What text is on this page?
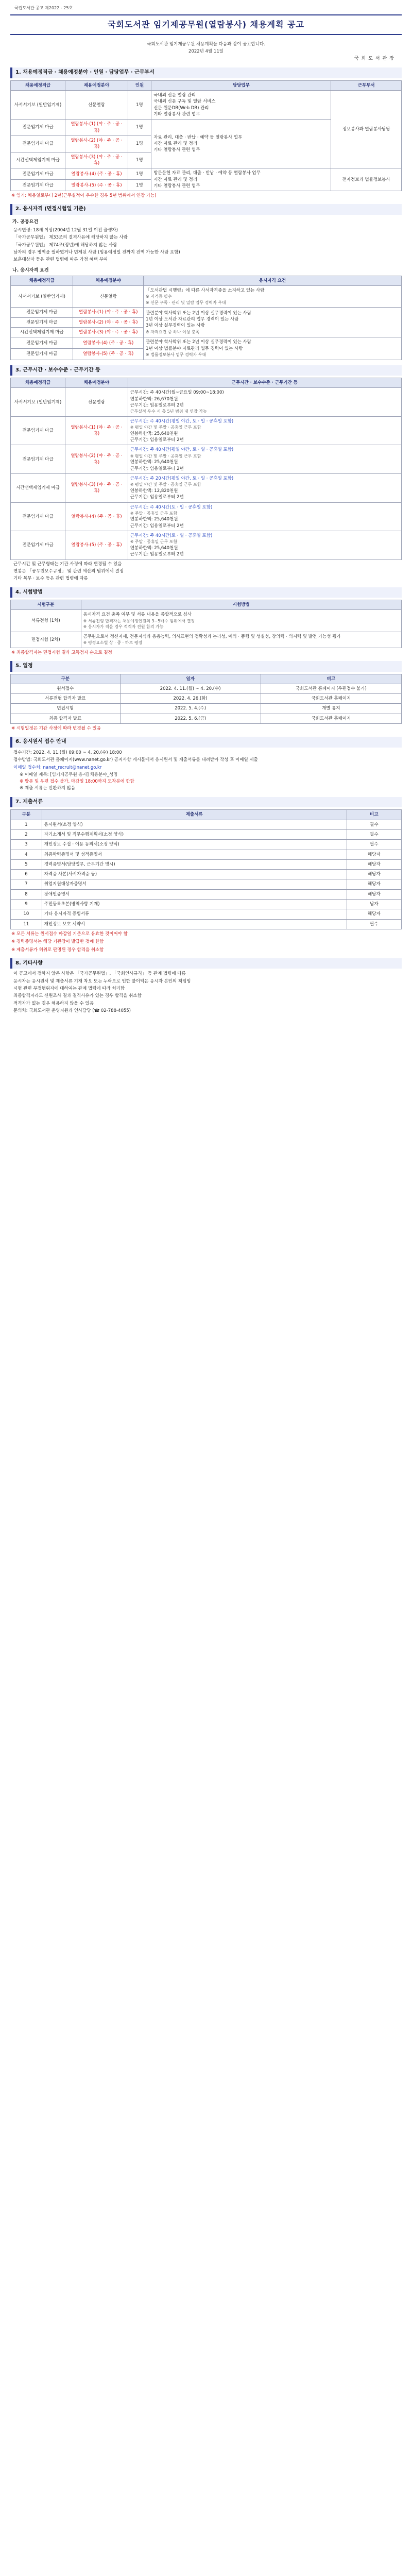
국립도서관 공고 제2022 - 25호
국회도서관 임기제공무원(열람봉사) 채용계획 공고
국회도서관 임기제공무원 채용계획을 다음과 같이 공고합니다.
2022년 4월 11일
국회도서관장
1. 채용예정직급 · 채용예정분야 · 인원 · 담당업무 · 근무부서
채용예정직급	채용예정분야	인원	담당업무	근무부서
사서서기보 (일반임기제)	신문열람	1명	국내외 신문 열람 관리
국내외 신문 구독 및 열람 서비스
신문 원문DB(Web DB) 관리
기타 열람봉사 관련 업무	정보봉사과 열람봉사담당
전문임기제 마급	열람봉사-(1) (야 · 주 · 공 · 휴)	1명	자료 관리, 대출 · 반납 · 예약 등 열람봉사 업무
시간 자료 관리 및 정리
기타 열람봉사 관련 업무	

전문임기제 마급	열람봉사-(2) (야 · 주 · 공 · 휴)	1명		
시간선택제임기제 마급	열람봉사-(3) (야 · 주 · 공 · 휴)	1명		
전문임기제 마급	열람봉사-(4) (주 · 공 · 휴)	1명	방문문헌 자료 관리, 대출 · 반납 · 예약 등 열람봉사 업무
시간 자료 관리 및 정리
기타 열람봉사 관련 업무	전자정보과 법률정보봉사
전문임기제 마급	열람봉사-(5) (주 · 공 · 휴)	1명		
※ 임기: 채용일로부터 2년(근무실적이 우수한 경우 5년 범위에서 연장 가능)
2. 응시자격 (면접시험일 기준)
가. 공통요건
응시연령: 18세 이상(2004년 12월 31일 이전 출생자)
「국가공무원법」 제33조의 결격사유에 해당하지 않는 사람
「국가공무원법」 제74조(정년)에 해당하지 않는 사람
남자의 경우 병역을 필하였거나 면제된 사람 (임용예정일 전까지 전역 가능한 사람 포함)
보훈대상자 등은 관련 법령에 따른 가점 혜택 부여
나. 응시자격 요건
채용예정직급	채용예정분야	응시자격 요건
사서서기보 (일반임기제)	신문열람	「도서관법 시행령」에 따른 사서자격증을 소지하고 있는 사람
※ 자격증 필수
※ 신문 구독 · 관리 및 열람 업무 경력자 우대

전문임기제 마급	열람봉사-(1) (야 · 주 · 공 · 휴)	관련분야 학사학위 또는 2년 이상 실무경력이 있는 사람
1년 이상 도서관 자료관리 업무 경력이 있는 사람
3년 이상 실무경력이 있는 사람
※ 자격요건 중 하나 이상 충족

전문임기제 마급	열람봉사-(2) (야 · 주 · 공 · 휴)	
시간선택제임기제 마급	열람봉사-(3) (야 · 주 · 공 · 휴)	
전문임기제 마급	열람봉사-(4) (주 · 공 · 휴)	관련분야 학사학위 또는 2년 이상 실무경력이 있는 사람
1년 이상 법률분야 자료관리 업무 경력이 있는 사람
※ 법률정보봉사 업무 경력자 우대

전문임기제 마급	열람봉사-(5) (주 · 공 · 휴)	
3. 근무시간 · 보수수준 · 근무기간 등
채용예정직급	채용예정분야	근무시간 · 보수수준 · 근무기간 등
사서서기보 (일반임기제)	신문열람	근무시간: 주 40시간(월~금요일 09:00~18:00)
연봉하한액: 26,670천원
근무기간: 임용일로부터 2년
근무실적 우수 시 총 5년 범위 내 연장 가능

전문임기제 마급	열람봉사-(1) (야 · 주 · 공 · 휴)	근무시간: 주 40시간(평일 야간, 토 · 일 · 공휴일 포함)
※ 평일 야간 및 주말 · 공휴일 근무 포함
연봉하한액: 25,640천원
근무기간: 임용일로부터 2년

전문임기제 마급	열람봉사-(2) (야 · 주 · 공 · 휴)	근무시간: 주 40시간(평일 야간, 토 · 일 · 공휴일 포함)
※ 평일 야간 및 주말 · 공휴일 근무 포함
연봉하한액: 25,640천원
근무기간: 임용일로부터 2년

시간선택제임기제 마급	열람봉사-(3) (야 · 주 · 공 · 휴)	근무시간: 주 20시간(평일 야간, 토 · 일 · 공휴일 포함)
※ 평일 야간 및 주말 · 공휴일 근무 포함
연봉하한액: 12,820천원
근무기간: 임용일로부터 2년

전문임기제 마급	열람봉사-(4) (주 · 공 · 휴)	근무시간: 주 40시간(토 · 일 · 공휴일 포함)
※ 주말 · 공휴일 근무 포함
연봉하한액: 25,640천원
근무기간: 임용일로부터 2년

전문임기제 마급	열람봉사-(5) (주 · 공 · 휴)	근무시간: 주 40시간(토 · 일 · 공휴일 포함)
※ 주말 · 공휴일 근무 포함
연봉하한액: 25,640천원
근무기간: 임용일로부터 2년
근무시간 및 근무형태는 기관 사정에 따라 변경될 수 있음
연봉은 「공무원보수규정」 및 관련 예산의 범위에서 결정
기타 복무 · 보수 등은 관련 법령에 따름
4. 시험방법
시험구분	시험방법
서류전형 (1차)	응시자격 요건 충족 여부 및 서류 내용을 종합적으로 심사
※ 서류전형 합격자는 채용예정인원의 3~5배수 범위에서 결정
※ 응시자가 적을 경우 적격자 전원 합격 가능

면접시험 (2차)	공무원으로서 정신자세, 전문지식과 응용능력, 의사표현의 정확성과 논리성, 예의 · 품행 및 성실성, 창의력 · 의지력 및 발전 가능성 평가
※ 평정요소별 상 · 중 · 하로 평정
※ 최종합격자는 면접시험 결과 고득점자 순으로 결정
5. 일정
구분	일자	비고
원서접수	2022. 4. 11.(월) ~ 4. 20.(수)	국회도서관 홈페이지 (우편접수 불가)
서류전형 합격자 발표	2022. 4. 26.(화)	국회도서관 홈페이지
면접시험	2022. 5. 4.(수)	개별 통지
최종 합격자 발표	2022. 5. 6.(금)	국회도서관 홈페이지
※ 시험일정은 기관 사정에 따라 변경될 수 있음
6. 응시원서 접수 안내
접수기간: 2022. 4. 11.(월) 09:00 ~ 4. 20.(수) 18:00
접수방법: 국회도서관 홈페이지(www.nanet.go.kr) 공지사항 게시물에서 응시원서 및 제출서류를 내려받아 작성 후 이메일 제출
이메일 접수처: nanet_recruit@nanet.go.kr
※ 이메일 제목: [임기제공무원 응시] 채용분야_성명
※ 방문 및 우편 접수 불가, 마감일 18:00까지 도착분에 한함
※ 제출 서류는 반환하지 않음
7. 제출서류
구분	제출서류	비고
1	응시원서(소정 양식)	필수
2	자기소개서 및 직무수행계획서(소정 양식)	필수
3	개인정보 수집 · 이용 동의서(소정 양식)	필수
4	최종학력증명서 및 성적증명서	해당자
5	경력증명서(담당업무, 근무기간 명시)	해당자
6	자격증 사본(사서자격증 등)	해당자
7	취업지원대상자증명서	해당자
8	장애인증명서	해당자
9	주민등록초본(병역사항 기재)	남자
10	기타 응시자격 증빙서류	해당자
11	개인정보 보호 서약서	필수
※ 모든 서류는 원서접수 마감일 기준으로 유효한 것이어야 함
※ 경력증명서는 해당 기관장이 발급한 것에 한함
※ 제출서류가 허위로 판명된 경우 합격을 취소함
8. 기타사항
이 공고에서 정하지 않은 사항은 「국가공무원법」, 「국회인사규칙」 등 관계 법령에 따름
응시자는 응시원서 및 제출서류 기재 착오 또는 누락으로 인한 불이익은 응시자 본인의 책임임
시험 관련 부정행위자에 대하여는 관계 법령에 따라 처리함
최종합격자라도 신원조사 결과 결격사유가 있는 경우 합격을 취소함
적격자가 없는 경우 채용하지 않을 수 있음
문의처: 국회도서관 운영지원과 인사담당 (☎ 02-788-4055)
